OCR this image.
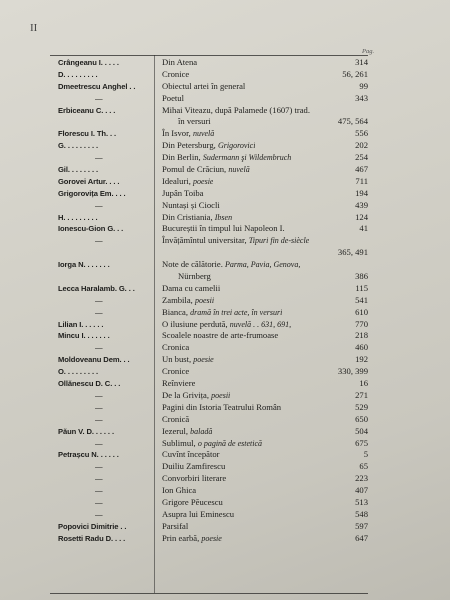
II
Pag.
Crângeanu I. . . . .	Din Atena	314
D. . . . . . . . .	Cronice	56, 261
Dmeetrescu Anghel . .	Obiectul artei în general	99
—	Poetul	343
Erbiceanu C. . . .	Mihai Viteazu, după Palamede (1607) trad.
în versuri	475, 564
Florescu I. Th. . .	În Isvor, nuvelă	556
G. . . . . . . . .	Din Petersburg, Grigorovici	202
—	Din Berlin, Sudermann şi Wildembruch	254
Gil. . . . . . . .	Pomul de Crăciun, nuvelă	467
Gorovei Artur. . . .	Idealuri, poesie	711
Grigorovița Em. . . .	Jupân Toiba	194
—	Nuntași și Ciocli	439
H. . . . . . . . .	Din Cristiania, Ibsen	124
Ionescu-Gion G. . .	Bucureștii în timpul lui Napoleon I.	41
—	Învățămîntul universitar, Tipuri fin de-siècle
365, 491
Iorga N. . . . . . .	Note de călătorie. Parma, Pavia, Genova,
Nürnberg	386
Lecca Haralamb. G. . .	Dama cu camelii	115
—	Zambila, poesii	541
—	Bianca, dramă în trei acte, în versuri	610
Lilian I. . . . . .	O ilusiune perdută, nuvelă . . 631, 691,	770
Mincu I. . . . . . .	Scoalele noastre de arte-frumoase	218
—	Cronica	460
Moldoveanu Dem. . .	Un bust, poesie	192
O. . . . . . . . .	Cronice	330, 399
Ollănescu D. C. . .	Reînviere	16
—	De la Grivița, poesii	271
—	Pagini din Istoria Teatrului Român	529
—	Cronică	650
Păun V. D. . . . . .	Iezerul, baladă	504
—	Sublimul, o pagină de estetică	675
Petrașcu N. . . . . .	Cuvînt începător	5
—	Duiliu Zamfirescu	65
—	Convorbiri literare	223
—	Ion Ghica	407
—	Grigore Pĕucescu	513
—	Asupra lui Eminescu	548
Popovici Dimitrie . .	Parsifal	597
Rosetti Radu D. . . .	Prin earbă, poesie	647
